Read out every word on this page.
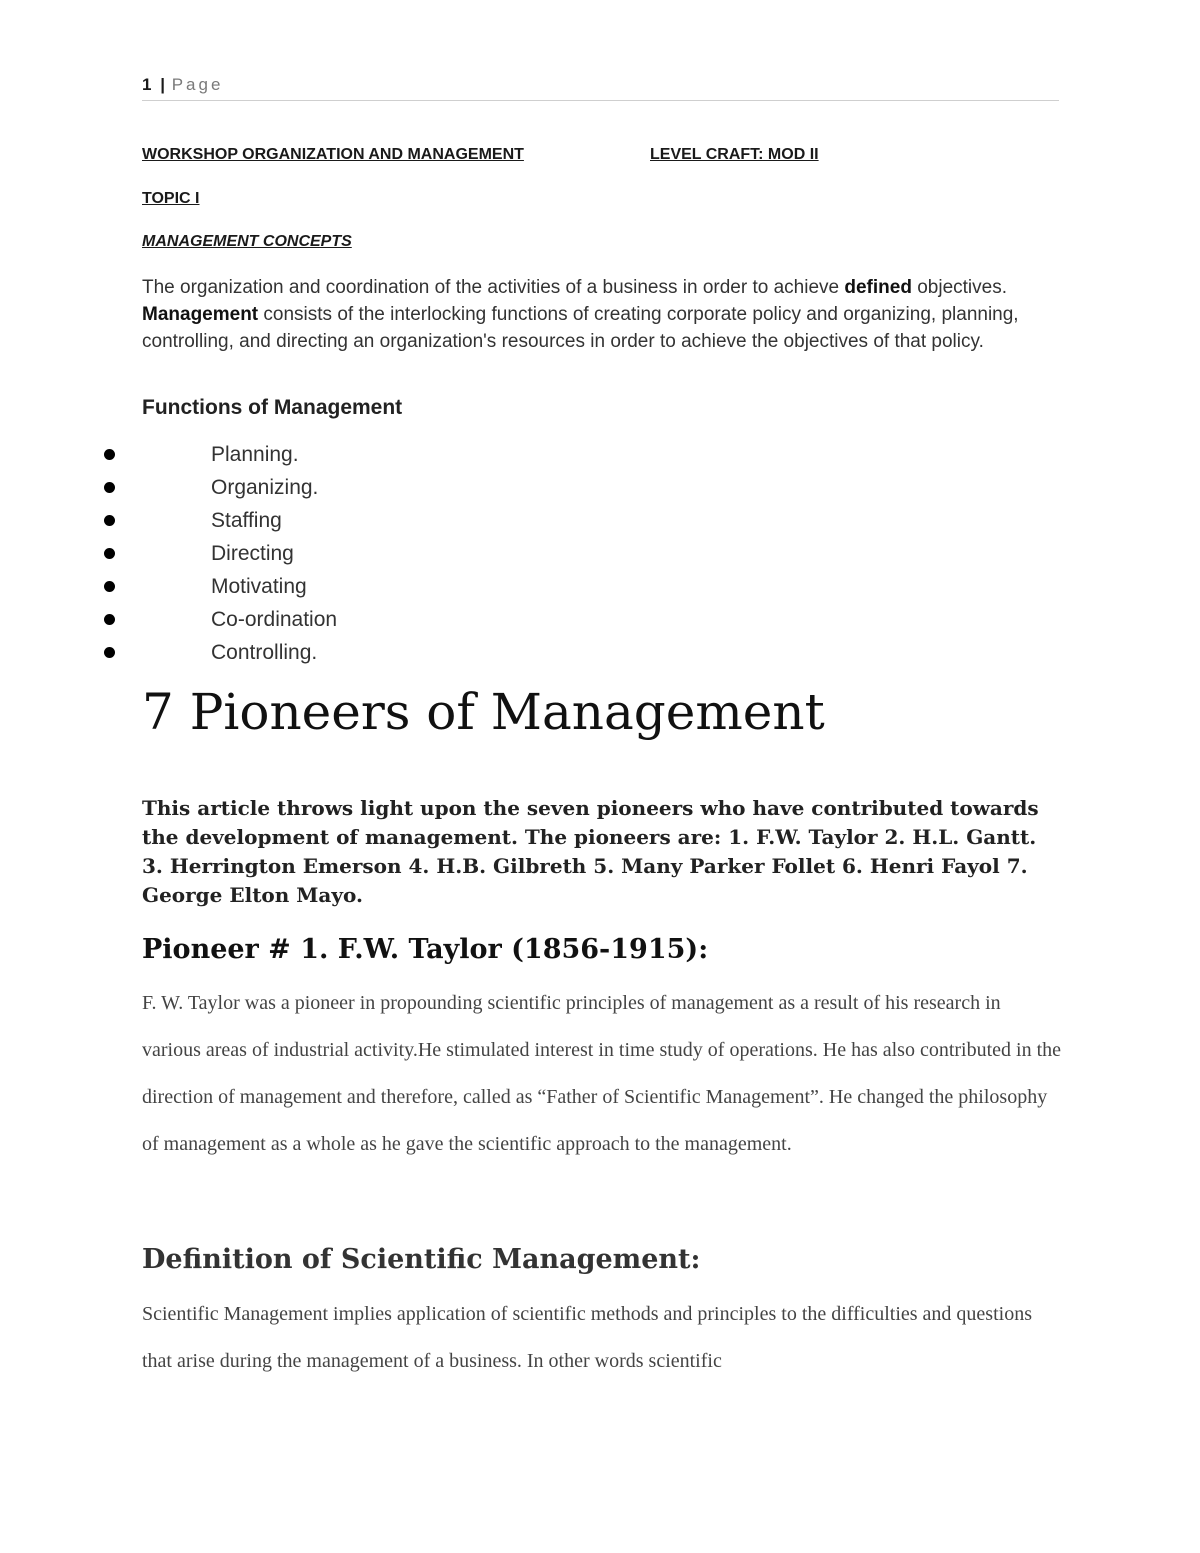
1 | Page
WORKSHOP ORGANIZATION AND MANAGEMENT	LEVEL CRAFT: MOD II
TOPIC I
MANAGEMENT CONCEPTS

The organization and coordination of the activities of a business in order to achieve defined objectives. Management consists of the interlocking functions of creating corporate policy and organizing, planning, controlling, and directing an organization's resources in order to achieve the objectives of that policy.

Functions of Management
Planning.
Organizing.
Staffing
Directing
Motivating
Co-ordination
Controlling.
7 Pioneers of Management

This article throws light upon the seven pioneers who have contributed towards the development of management. The pioneers are: 1. F.W. Taylor 2. H.L. Gantt. 3. Herrington Emerson 4. H.B. Gilbreth 5. Many Parker Follet 6. Henri Fayol 7. George Elton Mayo.

Pioneer # 1. F.W. Taylor (1856-1915):

F. W. Taylor was a pioneer in propounding scientific principles of management as a result of his research in various areas of industrial activity.He stimulated interest in time study of operations. He has also contributed in the direction of management and therefore, called as “Father of Scientific Management”. He changed the philosophy of management as a whole as he gave the scientific approach to the management.

Definition of Scientific Management:

Scientific Management implies application of scientific methods and principles to the difficulties and questions that arise during the management of a business. In other words scientific
